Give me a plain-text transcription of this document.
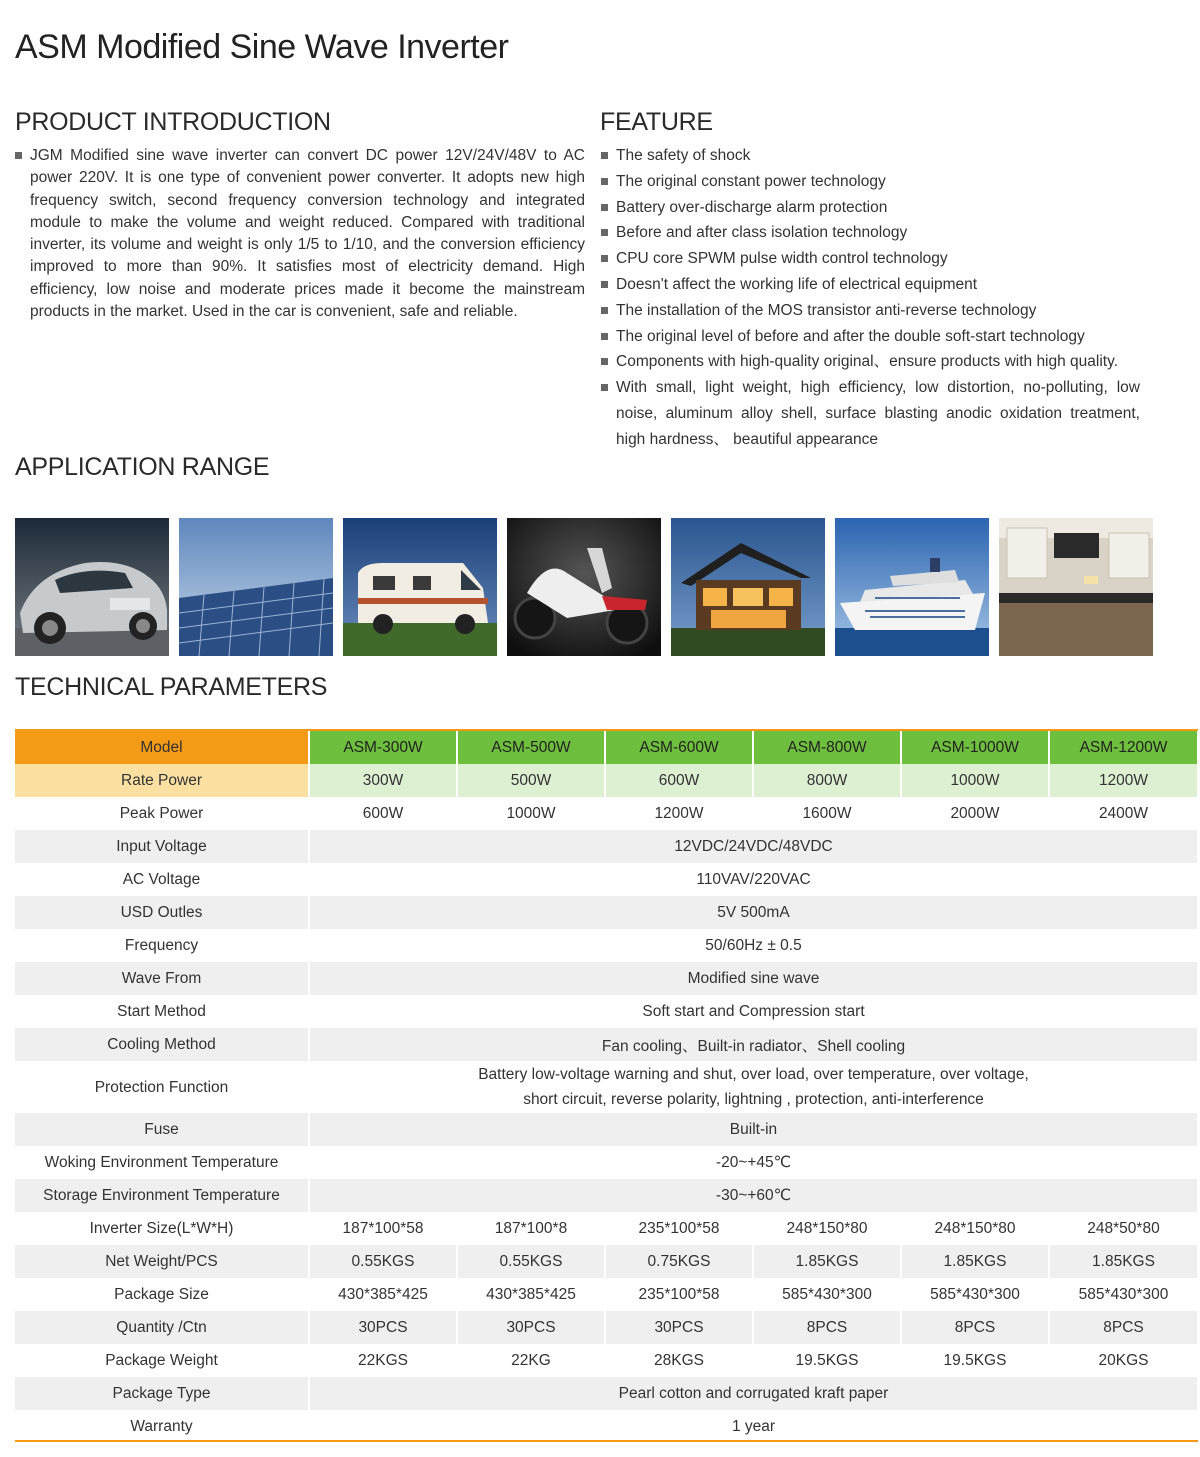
ASM Modified Sine Wave Inverter
PRODUCT INTRODUCTION
JGM Modified sine wave inverter can convert DC power 12V/24V/48V to AC power 220V. It is one type of convenient power converter. It adopts new high frequency switch, second frequency conversion technology and integrated module to make the volume and weight reduced. Compared with traditional inverter, its volume and weight is only 1/5 to 1/10, and the conversion efficiency improved to more than 90%. It satisfies most of electricity demand. High efficiency, low noise and moderate prices made it become the mainstream products in the market. Used in the car is convenient, safe and reliable.
FEATURE
The safety of shock
The original constant power technology
Battery over-discharge alarm protection
Before and after class isolation technology
CPU core SPWM pulse width control technology
Doesn't affect the working life of electrical equipment
The installation of the MOS transistor anti-reverse technology
The original level of before and after the double soft-start technology
Components with high-quality original、ensure products with high quality.
With small, light weight, high efficiency, low distortion, no-polluting, low noise, aluminum alloy shell, surface blasting anodic oxidation treatment, high hardness、 beautiful appearance
APPLICATION RANGE
TECHNICAL PARAMETERS
Model	ASM-300W	ASM-500W	ASM-600W	ASM-800W	ASM-1000W	ASM-1200W
Rate Power	300W	500W	600W	800W	1000W	1200W
Peak Power	600W	1000W	1200W	1600W	2000W	2400W
Input Voltage	12VDC/24VDC/48VDC					
AC Voltage	110VAV/220VAC					
USD Outles	5V 500mA					
Frequency	50/60Hz ± 0.5					
Wave From	Modified sine wave					
Start Method	Soft start and Compression start					
Cooling Method	Fan cooling、Built-in radiator、Shell cooling					
Protection Function	Battery low-voltage warning and shut, over load, over temperature, over voltage,
short circuit, reverse polarity, lightning , protection, anti-interference					

Fuse	Built-in					
Woking Environment Temperature	-20~+45℃					
Storage Environment Temperature	-30~+60℃					
Inverter Size(L*W*H)	187*100*58	187*100*8	235*100*58	248*150*80	248*150*80	248*50*80
Net Weight/PCS	0.55KGS	0.55KGS	0.75KGS	1.85KGS	1.85KGS	1.85KGS
Package Size	430*385*425	430*385*425	235*100*58	585*430*300	585*430*300	585*430*300
Quantity /Ctn	30PCS	30PCS	30PCS	8PCS	8PCS	8PCS
Package Weight	22KGS	22KG	28KGS	19.5KGS	19.5KGS	20KGS
Package Type	Pearl cotton and corrugated kraft paper					
Warranty	1 year					
